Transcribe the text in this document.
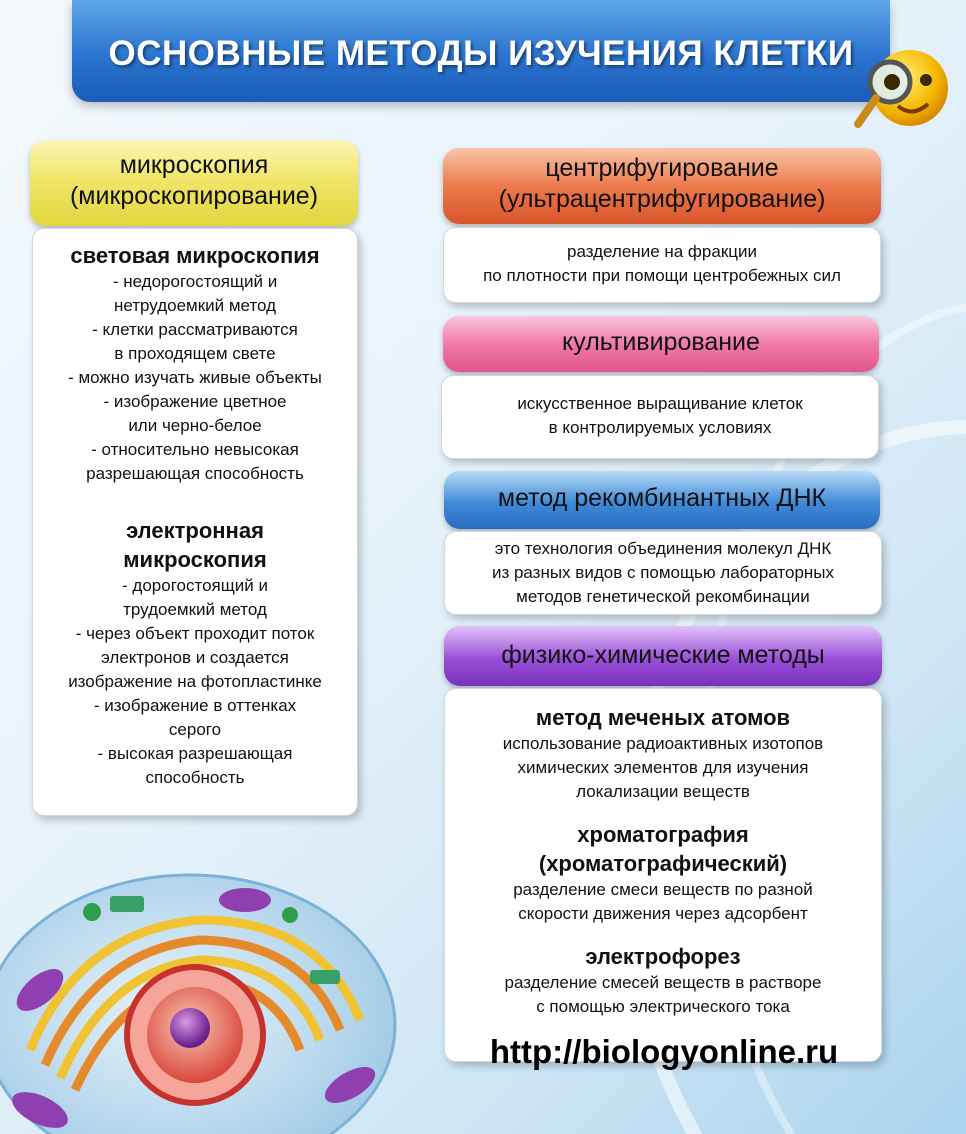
ОСНОВНЫЕ МЕТОДЫ ИЗУЧЕНИЯ КЛЕТКИ
микроскопия
(микроскопирование)
световая микроскопия
- недорогостоящий и
нетрудоемкий метод
- клетки рассматриваются
в проходящем свете
- можно изучать живые объекты
- изображение цветное
или черно-белое
- относительно невысокая
разрешающая способность
электронная
микроскопия
- дорогостоящий и
трудоемкий метод
- через объект проходит поток
электронов и создается
изображение на фотопластинке
- изображение в оттенках
серого
- высокая разрешающая
способность
центрифугирование
(ультрацентрифугирование)
разделение на фракции
по плотности при помощи центробежных сил
культивирование
искусственное выращивание клеток
в контролируемых условиях
метод рекомбинантных ДНК
это технология объединения молекул ДНК
из разных видов с помощью лабораторных
методов генетической рекомбинации
физико-химические методы
метод меченых атомов
использование радиоактивных изотопов
химических элементов для изучения
локализации веществ
хроматография
(хроматографический)
разделение смеси веществ по разной
скорости движения через адсорбент
электрофорез
разделение смесей веществ в растворе
с помощью электрического тока
http://biologyonline.ru
